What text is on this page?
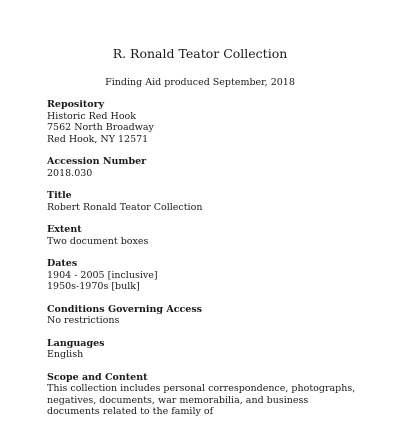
R. Ronald Teator Collection

Finding Aid produced September, 2018

Repository

Historic Red Hook

7562 North Broadway

Red Hook, NY 12571

Accession Number

2018.030

Title

Robert Ronald Teator Collection

Extent

Two document boxes

Dates

1904 - 2005 [inclusive]

1950s-1970s [bulk]

Conditions Governing Access

No restrictions

Languages

English

Scope and Content

This collection includes personal correspondence, photographs, negatives, documents, war memorabilia, and business documents related to the family of
